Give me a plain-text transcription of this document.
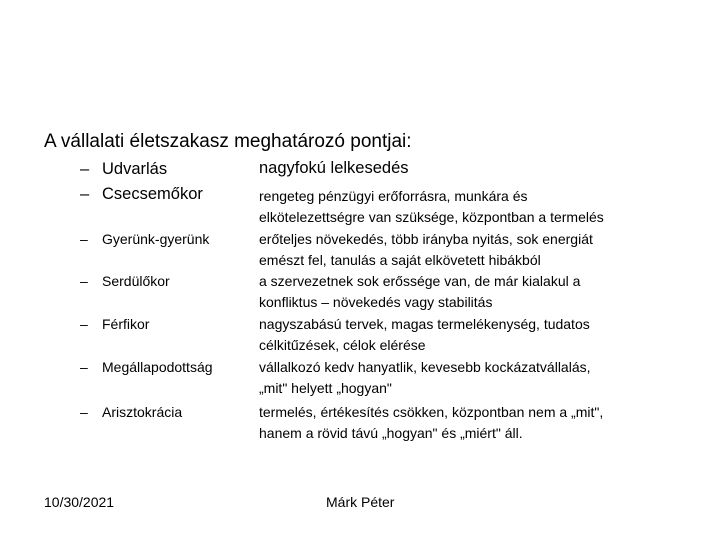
A vállalati életszakasz meghatározó pontjai:
– Udvarlás	nagyfokú lelkesedés
– Csecsemőkor	rengeteg pénzügyi erőforrásra, munkára és
elkötelezettségre van szüksége, központban a termelés
– Gyerünk-gyerünk	erőteljes növekedés, több irányba nyitás, sok energiát
emészt fel, tanulás a saját elkövetett hibákból
– Serdülőkor	a szervezetnek sok erőssége van, de már kialakul a
konfliktus – növekedés vagy stabilitás
– Férfikor	nagyszabású tervek, magas termelékenység, tudatos
célkitűzések, célok elérése
– Megállapodottság	vállalkozó kedv hanyatlik, kevesebb kockázatvállalás,
„mit" helyett „hogyan"
– Arisztokrácia	termelés, értékesítés csökken, központban nem a „mit",
hanem a rövid távú „hogyan" és „miért" áll.
10/30/2021	Márk Péter
